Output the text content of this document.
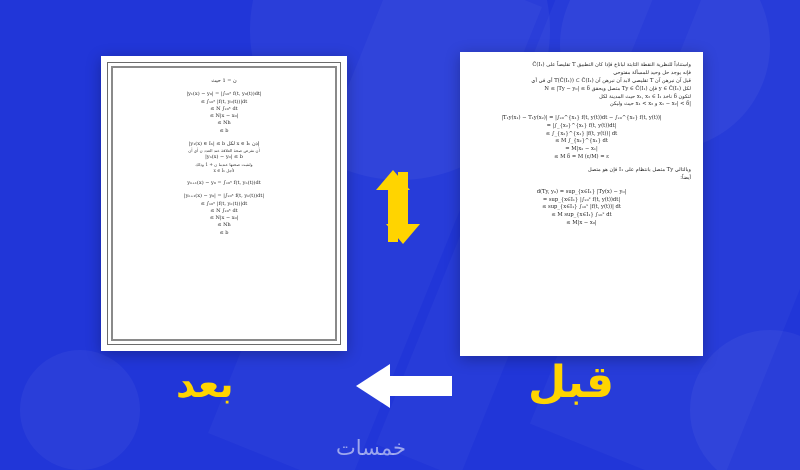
ن = 1 ﺣﻴﺚ
|y₁(x) − y₀| = |∫ₓ₀ˣ f(t, y₀(t))dt|
≤ ∫ₓ₀ˣ |f(t, y₀(t))|dt
≤ N ∫ₓ₀ˣ dt
≤ N|x − x₀|
≤ Nh
≤ b
|y₁(x) ∈ Iₕ| ≤ b ﻟﻜﻞ x ∈ Iₕ ﺇﺫﻥ
ﺃﻥ ﻧﻔﺮﺽ ﺻﺤﺔ ﺍﻟﻌﻼﻗﺔ ﻋﻨﺪ ﺍﻟﻌﺪﺩ ﻥ ﺃﻱ ﺃﻥ
|yₙ(x) − y₀| ≤ b
ﻭﻟﻨﺜﺒﺖ ﺻﺤﺘﻬﺎ ﻋﻨﺪﻣﺎ ﻥ + 1 ﻭﺫﻟﻚ
x ∈ Iₕ ﻷﺟﻞ
yₙ₊₁(x) − y₀ = ∫ₓ₀ˣ f(t, yₙ(t))dt
|yₙ₊₁(x) − y₀| = |∫ₓ₀ˣ f(t, yₙ(t))dt|
≤ ∫ₓ₀ˣ |f(t, yₙ(t))|dt
≤ N ∫ₓ₀ˣ dt
≤ N|x − x₀|
≤ Nh
≤ b
ﻭﺍﺳﺘﻨﺎﺩﺍً ﻟﻠﻨﻈﺮﻳﺔ ﺍﻟﻨﻘﻄﺔ ﺍﻟﺜﺎﺑﺘﺔ ﻟﺒﺎﻧﺎﺥ ﻓﺈﺫﺍ ﻛﺎﻥ ﺍﻟﺘﻄﺒﻴﻖ T ﺗﻘﻠﻴﺼﺎً ﻋﻠﻰ C̄(I₁)
ﻓﺈﻧﻪ ﻳﻮﺟﺪ ﺣﻞ ﻭﺣﻴﺪ ﻟﻠﻤﺴﺄﻟﺔ ﻣﻔﺘﻮﺣﻲ
ﻗﺒﻞ ﺁﻥ ﻧﺒﺮﻫﻦ ﺁﻥ T ﺗﻘﻠﻴﺼﻲ ﻻﺑﺪ ﺁﻥ ﻧﺒﺮﻫﻦ ﺁﻥ T(C̄(I₁)) ⊂ C̄(I₁) ﺃﻱ ﻓﻲ ﺃﻱ
ﻟﻜﻞ y ∈ C̄(I₁) ﻓﺈﻥ Ty ∈ C̄(I₁) ﻣﺘﺼﻞ ﻭﻳﺤﻘﻖ N ≤ |Ty − y₀| ≤ δ
ﻟﺘﻜﻮﻥ δ ﻧﺎﺧﺬ x₁, x₂ ∈ I₁ ﺣﻴﺚ ﺍﻟﻤﺪﻳﻨﺔ ﻟﻜﻞ
|x₁ − x₂| < δ ﻭ x₁ < x₂ ﺣﻴﺚ ﻭﻟﻴﻜﻦ
|T₁y(x₁) − T₁y(x₂)| = |∫ₓ₀^{x₁} f(t, y(t))dt − ∫ₓ₀^{x₂} f(t, y(t))|
= |∫_{x₂}^{x₁} f(t, y(t))dt|
≤ ∫_{x₂}^{x₁} |f(t, y(t))| dt
≤ M ∫_{x₂}^{x₁} dt
= M|x₂ − x₁|
≤ M δ = M (ε/M) = ε
ﻭﺑﺎﻟﺘﺎﻟﻲ Ty ﻣﺘﺼﻞ ﺑﺎﻧﺘﻈﺎﻡ ﻋﻠﻰ I₁ ﻓﺈﻥ ﻫﻮ ﻣﺘﺼﻞ
ﺃﻳﻀﺎً:
d(Ty, y₀) = sup_{x∈I₁} |Ty(x) − y₀|
= sup_{x∈I₁} |∫ₓ₀ˣ f(t, y(t))dt|
≤ sup_{x∈I₁} ∫ₓ₀ˣ |f(t, y(t))| dt
≤ M sup_{x∈I₁} ∫ₓ₀ˣ dt
≤ M|x − x₀|
بعد	قبل
خمسات
